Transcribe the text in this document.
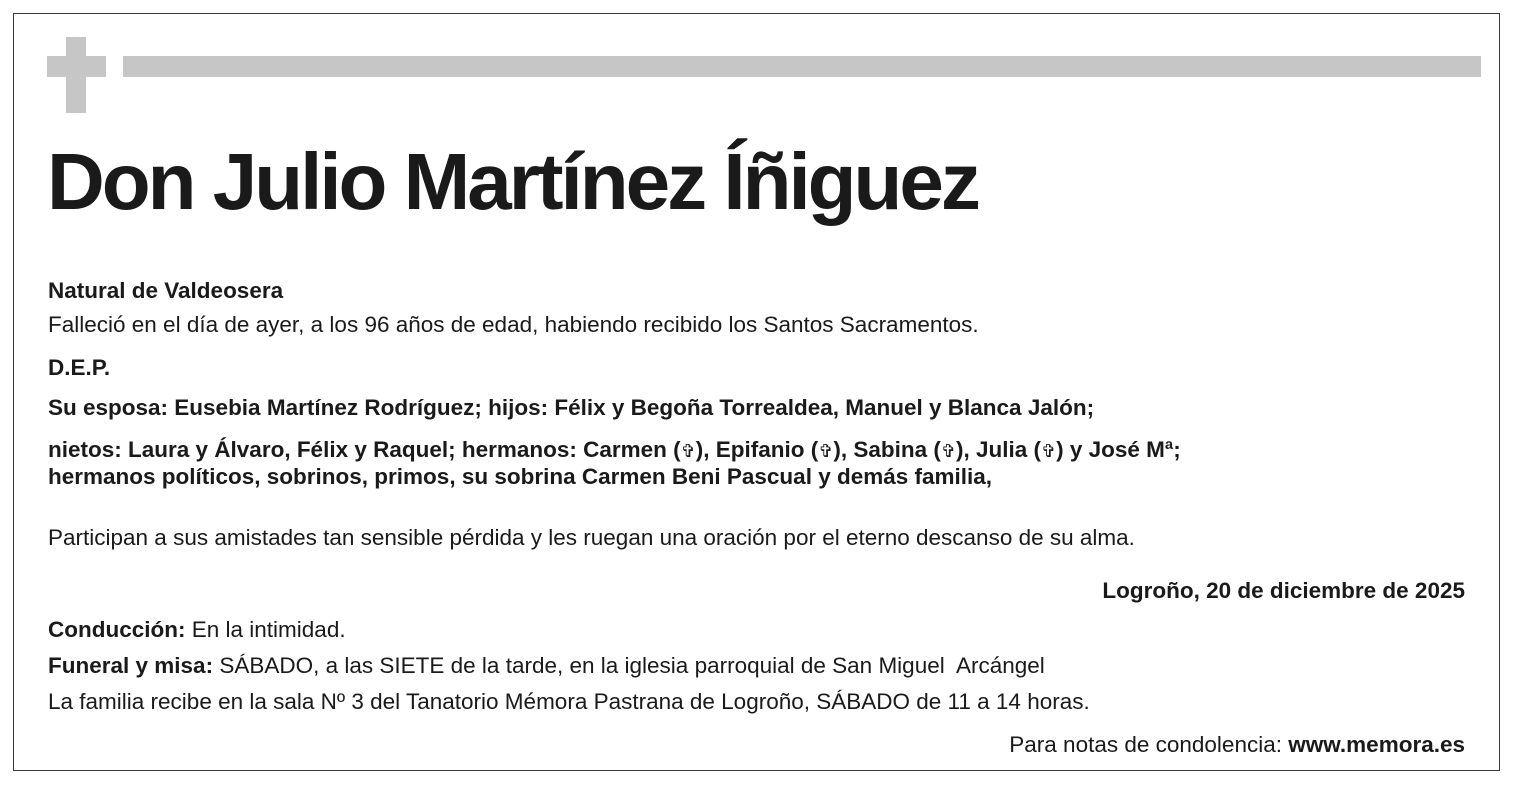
Don Julio Martínez Íñiguez
Natural de Valdeosera
Falleció en el día de ayer, a los 96 años de edad, habiendo recibido los Santos Sacramentos.
D.E.P.
Su esposa: Eusebia Martínez Rodríguez; hijos: Félix y Begoña Torrealdea, Manuel y Blanca Jalón;
nietos: Laura y Álvaro, Félix y Raquel; hermanos: Carmen (✞), Epifanio (✞), Sabina (✞), Julia (✞) y José Mª;
hermanos políticos, sobrinos, primos, su sobrina Carmen Beni Pascual y demás familia,
Participan a sus amistades tan sensible pérdida y les ruegan una oración por el eterno descanso de su alma.
Logroño, 20 de diciembre de 2025
Conducción: En la intimidad.
Funeral y misa: SÁBADO, a las SIETE de la tarde, en la iglesia parroquial de San Miguel  Arcángel
La familia recibe en la sala Nº 3 del Tanatorio Mémora Pastrana de Logroño, SÁBADO de 11 a 14 horas.
Para notas de condolencia: www.memora.es
